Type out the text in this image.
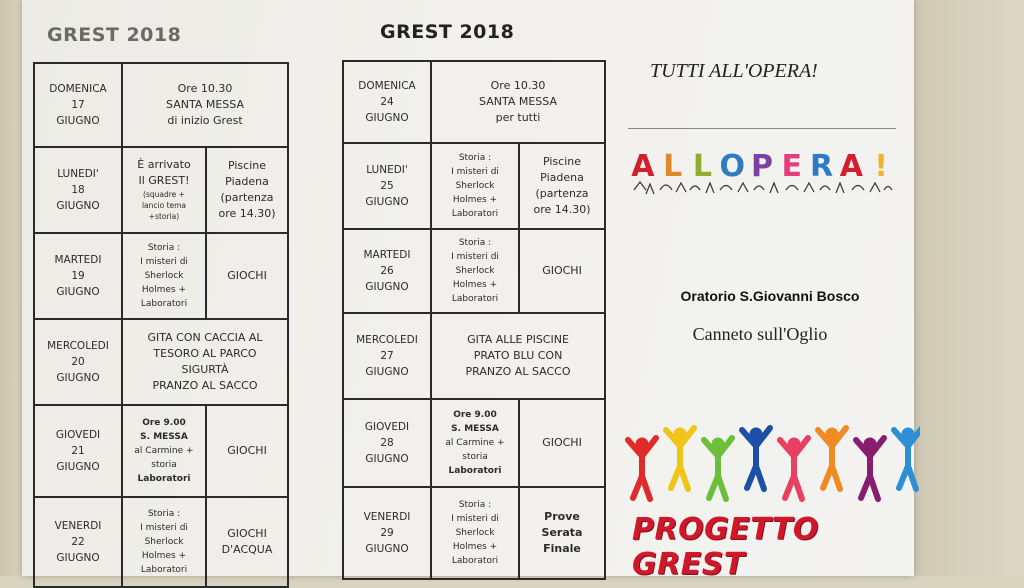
GREST 2018	GREST 2018
DOMENICA
17
GIUGNO	Ore 10.30
SANTA MESSA
di inizio Grest	
LUNEDI'
18
GIUGNO	È arrivato
Il GREST!
(squadre +
lancio tema
+storia)	Piscine
Piadena
(partenza
ore 14.30)
MARTEDI
19
GIUGNO	Storia :
I misteri di
Sherlock
Holmes +
Laboratori	GIOCHI
MERCOLEDI
20
GIUGNO	GITA CON CACCIA AL
TESORO AL PARCO
SIGURTÀ
PRANZO AL SACCO	
GIOVEDI
21
GIUGNO	Ore 9.00
S. MESSA
al Carmine +
storia
Laboratori	GIOCHI
VENERDI
22
GIUGNO	Storia :
I misteri di
Sherlock
Holmes +
Laboratori	GIOCHI
D'ACQUA
DOMENICA
24
GIUGNO	Ore 10.30
SANTA MESSA
per tutti	
LUNEDI'
25
GIUGNO	Storia :
I misteri di
Sherlock
Holmes +
Laboratori	Piscine
Piadena
(partenza
ore 14.30)
MARTEDI
26
GIUGNO	Storia :
I misteri di
Sherlock
Holmes +
Laboratori	GIOCHI
MERCOLEDI
27
GIUGNO	GITA ALLE PISCINE
PRATO BLU CON
PRANZO AL SACCO	
GIOVEDI
28
GIUGNO	Ore 9.00
S. MESSA
al Carmine +
storia
Laboratori	GIOCHI
VENERDI
29
GIUGNO	Storia :
I misteri di
Sherlock
Holmes +
Laboratori	Prove
Serata
Finale
TUTTI ALL'OPERA!
A L L O P E R A !
Oratorio S.Giovanni Bosco
Canneto sull'Oglio
PROGETTO GREST
